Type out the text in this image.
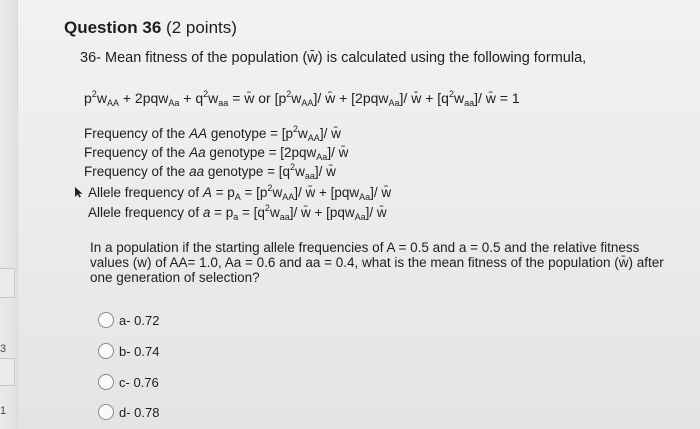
3
1
Question 36 (2 points)
36- Mean fitness of the population (w̄) is calculated using the following formula,
$p^2w_{AA} + 2pqw_{Aa} + q^2w_{aa}$ = w̄ or $[p^2w_{AA}]/$ w̄ + [2pqw$_{Aa}$]/ w̄ + $[q^2w_{aa}]/$ w̄ = 1
Frequency of the AA genotype = $[p^2w_{AA}]/$ w̄
Frequency of the Aa genotype = [2pqw$_{Aa}$]/ w̄
Frequency of the aa genotype = $[q^2w_{aa}]/$ w̄
Allele frequency of $A = p_A = [p^2w_{AA}]/$ w̄ + [pqw$_{Aa}$]/ w̄
Allele frequency of $a = p_a = [q^2w_{aa}]/$ w̄ + [pqw$_{Aa}$]/ w̄
In a population if the starting allele frequencies of A = 0.5 and a = 0.5 and the relative fitness values (w) of AA= 1.0, Aa = 0.6 and aa = 0.4, what is the mean fitness of the population (w̄) after one generation of selection?
a- 0.72
b- 0.74
c- 0.76
d- 0.78
